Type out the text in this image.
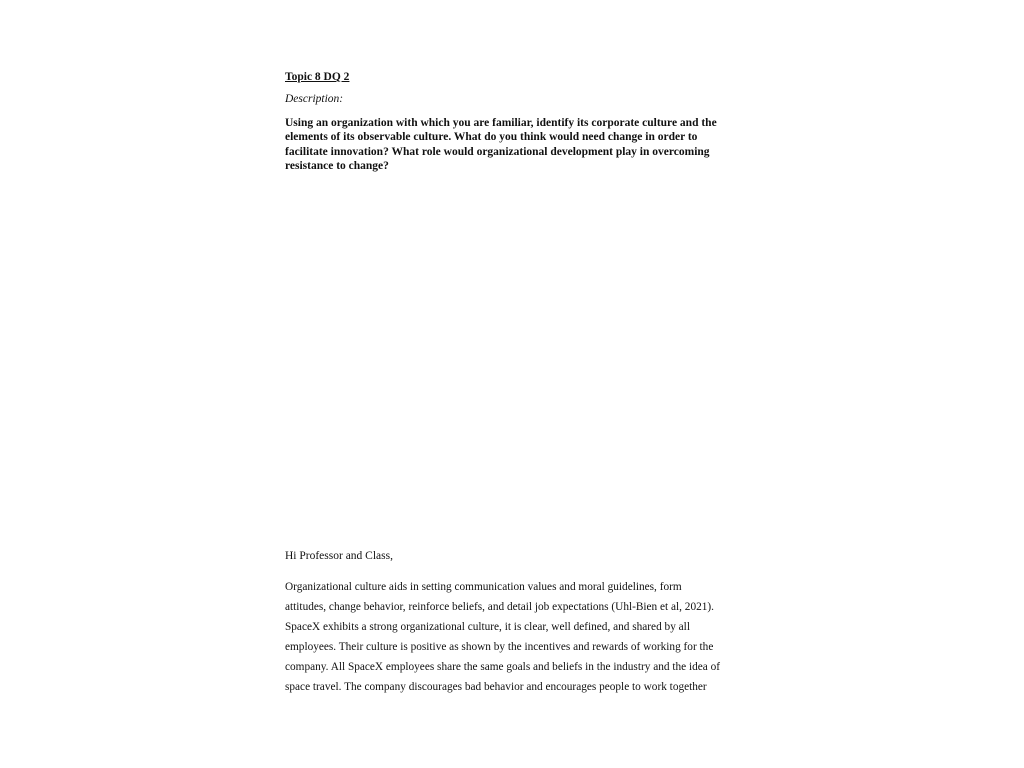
Topic 8 DQ 2
Description:
Using an organization with which you are familiar, identify its corporate culture and the
elements of its observable culture. What do you think would need change in order to
facilitate innovation? What role would organizational development play in overcoming
resistance to change?
Hi Professor and Class,
Organizational culture aids in setting communication values and moral guidelines, form
attitudes, change behavior, reinforce beliefs, and detail job expectations (Uhl-Bien et al, 2021).
SpaceX exhibits a strong organizational culture, it is clear, well defined, and shared by all
employees. Their culture is positive as shown by the incentives and rewards of working for the
company. All SpaceX employees share the same goals and beliefs in the industry and the idea of
space travel. The company discourages bad behavior and encourages people to work together
